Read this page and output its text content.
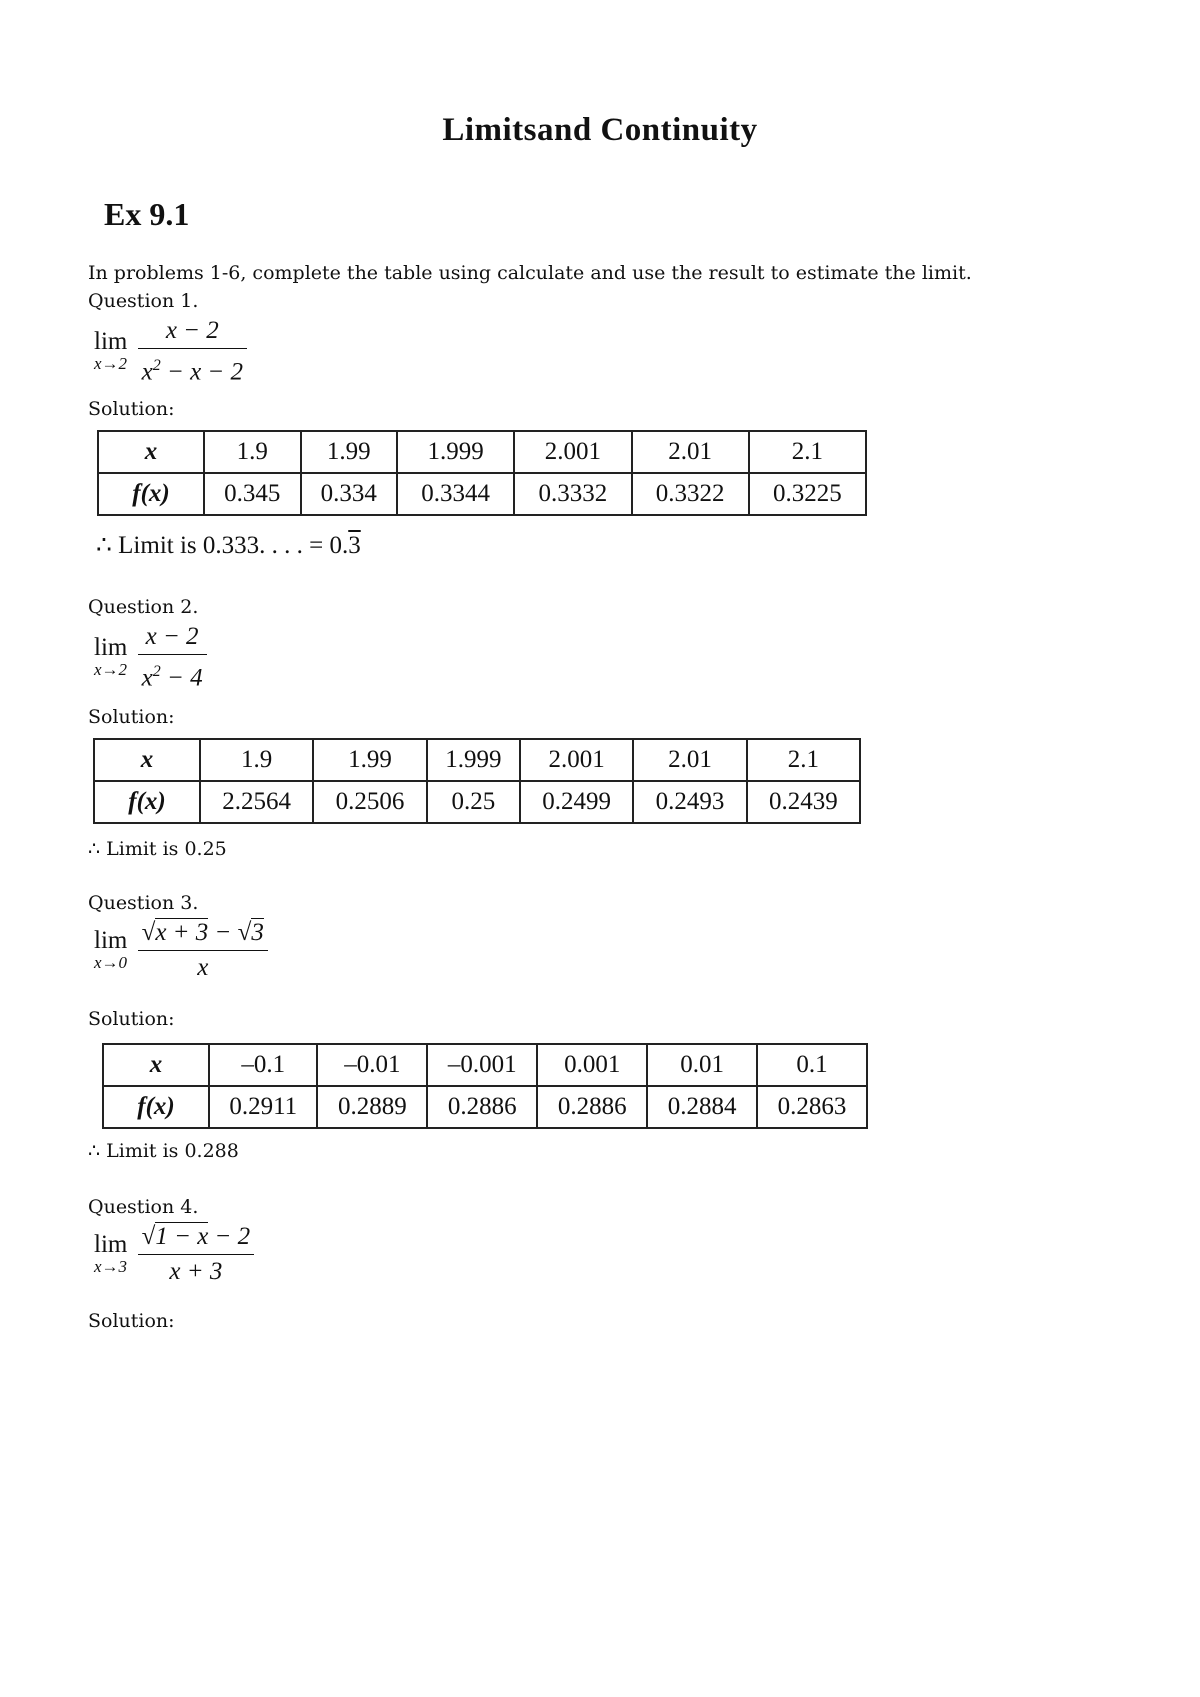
Limitsand Continuity
Ex 9.1
In problems 1-6, complete the table using calculate and use the result to estimate the limit.
Question 1.
lim
x→2
$\frac{x - 2}{x^2 - x - 2}$
Solution:
x	1.9	1.99	1.999	2.001	2.01	2.1
f(x)	0.345	0.334	0.3344	0.3332	0.3322	0.3225
∴ Limit is 0.333. . . . = 0.3
Question 2.
lim
x→2
$\frac{x - 2}{x^2 - 4}$
Solution:
x	1.9	1.99	1.999	2.001	2.01	2.1
f(x)	2.2564	0.2506	0.25	0.2499	0.2493	0.2439
∴ Limit is 0.25
Question 3.
lim
x→0
$\frac{√x + 3 - √3}{x}$
Solution:
x	–0.1	–0.01	–0.001	0.001	0.01	0.1
f(x)	0.2911	0.2889	0.2886	0.2886	0.2884	0.2863
∴ Limit is 0.288
Question 4.
lim
x→3
$\frac{√1 - x - 2}{x + 3}$
Solution:
